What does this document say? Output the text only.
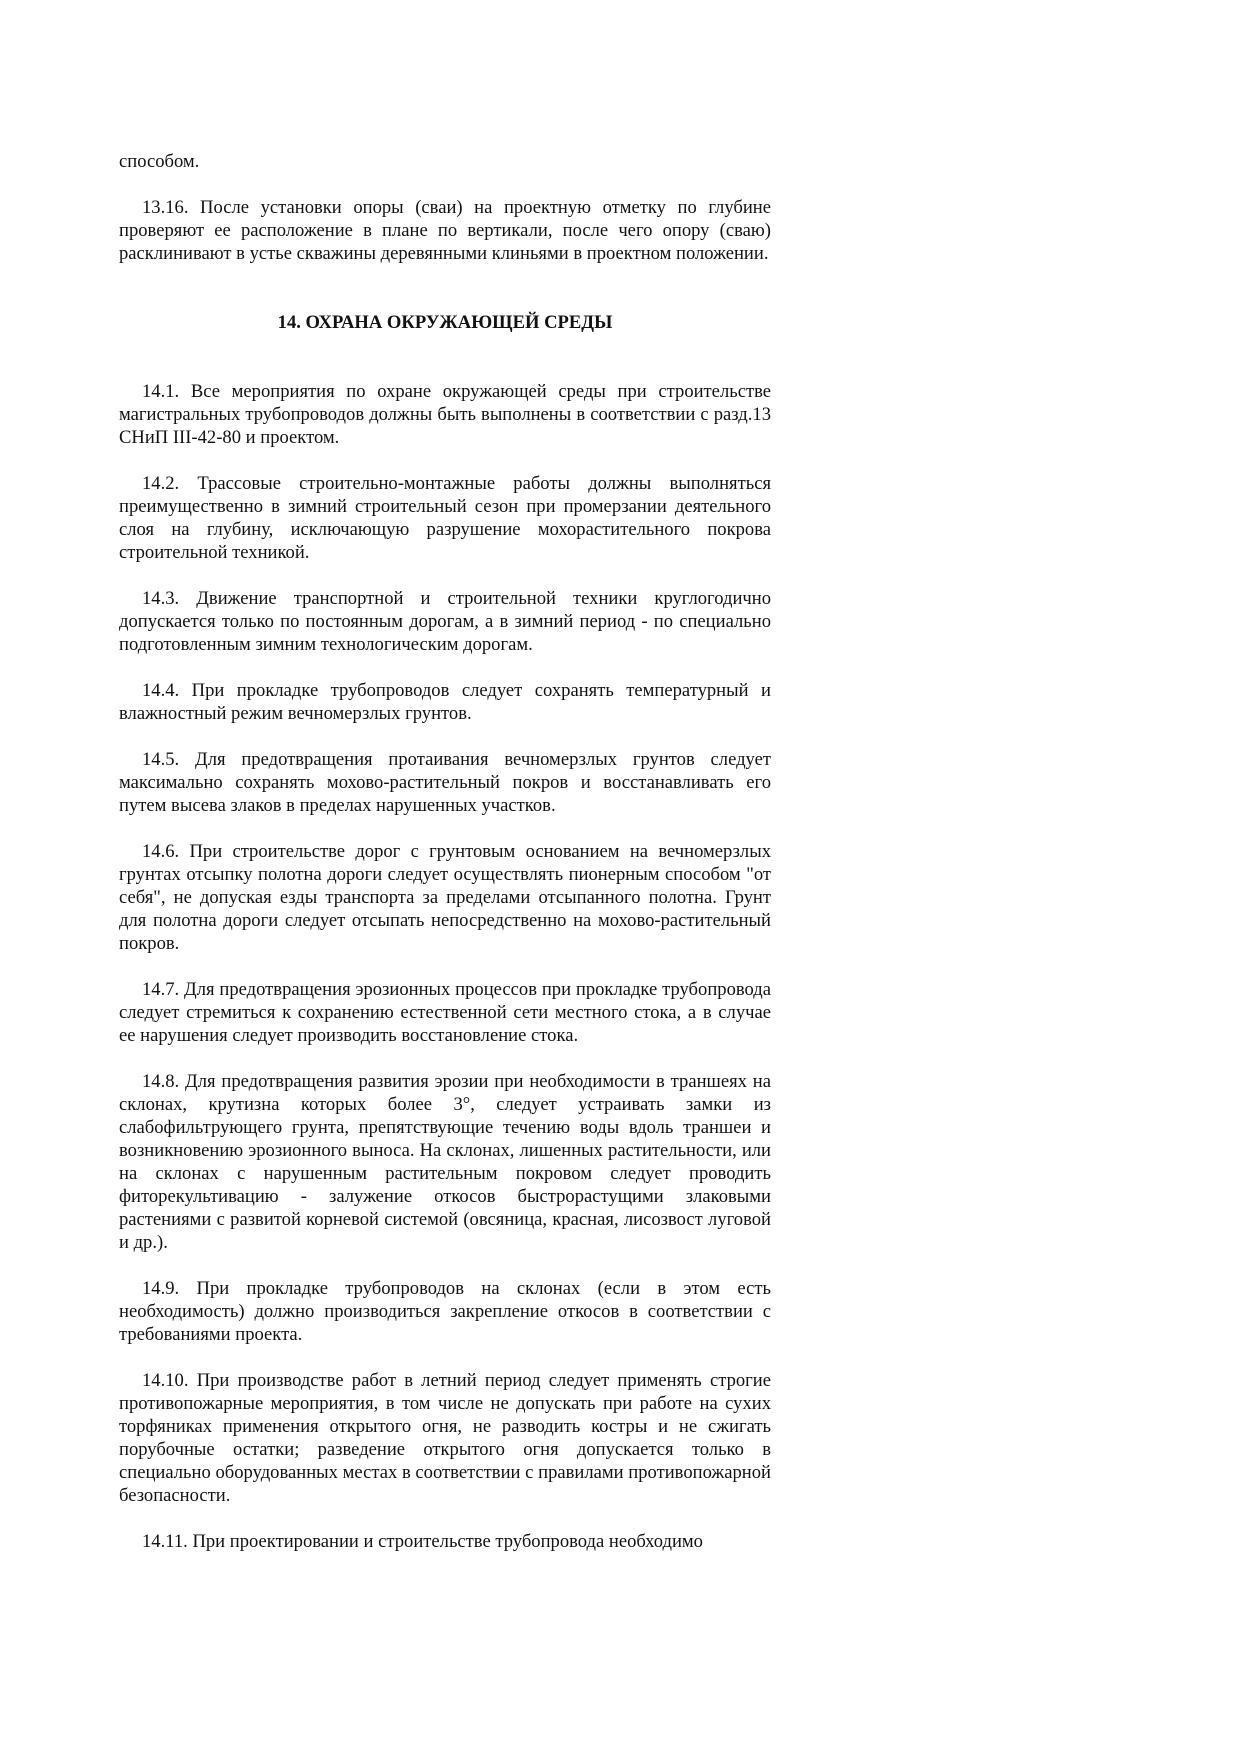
способом.

13.16. После установки опоры (сваи) на проектную отметку по глубине проверяют ее расположение в плане по вертикали, после чего опору (сваю) расклинивают в устье скважины деревянными клиньями в проектном положении.

14. ОХРАНА ОКРУЖАЮЩЕЙ СРЕДЫ

14.1. Все мероприятия по охране окружающей среды при строительстве магистральных трубопроводов должны быть выполнены в соответствии с разд.13 СНиП III-42-80 и проектом.

14.2. Трассовые строительно-монтажные работы должны выполняться преимущественно в зимний строительный сезон при промерзании деятельного слоя на глубину, исключающую разрушение мохорастительного покрова строительной техникой.

14.3. Движение транспортной и строительной техники круглогодично допускается только по постоянным дорогам, а в зимний период - по специально подготовленным зимним технологическим дорогам.

14.4. При прокладке трубопроводов следует сохранять температурный и влажностный режим вечномерзлых грунтов.

14.5. Для предотвращения протаивания вечномерзлых грунтов следует максимально сохранять мохово-растительный покров и восстанавливать его путем высева злаков в пределах нарушенных участков.

14.6. При строительстве дорог с грунтовым основанием на вечномерзлых грунтах отсыпку полотна дороги следует осуществлять пионерным способом "от себя", не допуская езды транспорта за пределами отсыпанного полотна. Грунт для полотна дороги следует отсыпать непосредственно на мохово-растительный покров.

14.7. Для предотвращения эрозионных процессов при прокладке трубопровода следует стремиться к сохранению естественной сети местного стока, а в случае ее нарушения следует производить восстановление стока.

14.8. Для предотвращения развития эрозии при необходимости в траншеях на склонах, крутизна которых более 3°, следует устраивать замки из слабофильтрующего грунта, препятствующие течению воды вдоль траншеи и возникновению эрозионного выноса. На склонах, лишенных растительности, или на склонах с нарушенным растительным покровом следует проводить фиторекультивацию - залужение откосов быстрорастущими злаковыми растениями с развитой корневой системой (овсяница, красная, лисозвост луговой и др.).

14.9. При прокладке трубопроводов на склонах (если в этом есть необходимость) должно производиться закрепление откосов в соответствии с требованиями проекта.

14.10. При производстве работ в летний период следует применять строгие противопожарные мероприятия, в том числе не допускать при работе на сухих торфяниках применения открытого огня, не разводить костры и не сжигать порубочные остатки; разведение открытого огня допускается только в специально оборудованных местах в соответствии с правилами противопожарной безопасности.

14.11. При проектировании и строительстве трубопровода необходимо
